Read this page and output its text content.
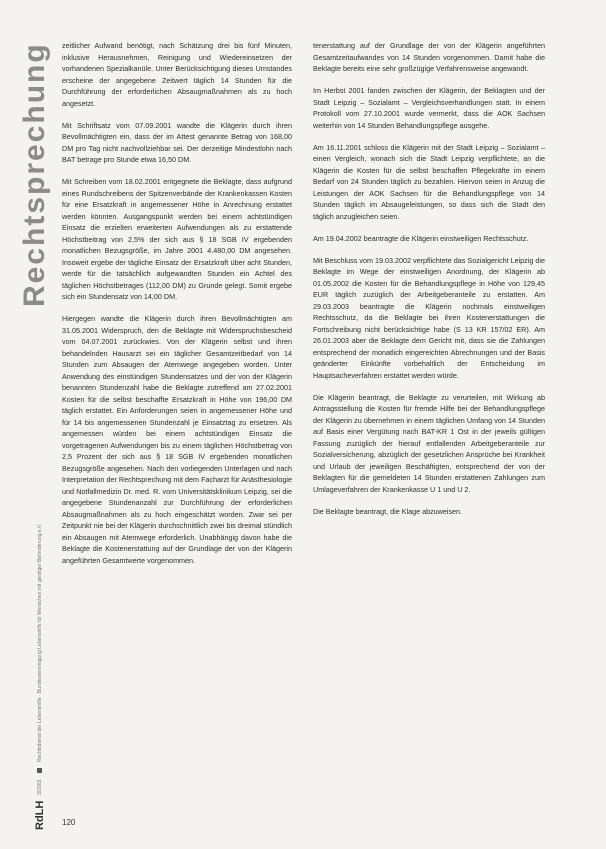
Rechtsprechung
RdLH
3/2003
Rechtsdienst der Lebenshilfe · Bundesvereinigung Lebenshilfe für Menschen mit geistiger Behinderung e.V.

zeitlicher Aufwand benötigt, nach Schätzung drei bis fünf Minuten, inklusive Herausnehmen, Reinigung und Wiedereinsetzen der vorhandenen Spezialkanüle. Unter Berücksichtigung dieses Umstandes erscheine der angegebene Zeitwert täglich 14 Stunden für die Durchführung der erforderlichen Absaugmaßnahmen als zu hoch angesetzt.

Mit Schriftsatz vom 07.09.2001 wandte die Klägerin durch ihren Bevollmächtigten ein, dass der im Attest genannte Betrag von 168,00 DM pro Tag nicht nachvollziehbar sei. Der derzeitige Mindestlohn nach BAT betrage pro Stunde etwa 16,50 DM.

Mit Schreiben vom 18.02.2001 entgegnete die Beklagte, dass aufgrund eines Rundschreibens der Spitzenverbände der Krankenkassen Kosten für eine Ersatzkraft in angemessener Höhe in Anrechnung erstattet werden könnten. Ausgangspunkt werden bei einem achtstündigen Einsatz die erzielten erweiterten Aufwendungen als zu erstattende Höchstbeitrag von 2,5% der sich aus § 18 SGB IV ergebenden monatlichen Bezugsgröße, im Jahre 2001 4.480,00 DM angesehen. Insoweit ergebe der tägliche Einsatz der Ersatzkraft über acht Stunden, werde für die tatsächlich aufgewandten Stunden ein Achtel des täglichen Höchstbetrages (112,00 DM) zu Grunde gelegt. Somit ergebe sich ein Stundensatz von 14,00 DM.

Hiergegen wandte die Klägerin durch ihren Bevollmächtigten am 31.05.2001 Widerspruch, den die Beklagte mit Widerspruchsbescheid vom 04.07.2001 zurückwies. Von der Klägerin selbst und ihren behandelnden Hausarzt sei ein täglicher Gesamtzeitbedarf von 14 Stunden zum Absaugen der Atemwege angegeben worden. Unter Anwendung des einstündigen Stundensatzes und der von der Klägerin benannten Stundenzahl habe die Beklagte zutreffend am 27.02.2001 Kosten für die selbst beschaffte Ersatzkraft in Höhe von 196,00 DM täglich erstattet. Ein Anforderungen seien in angemessener Höhe und für 14 bis angemessenen Stundenzahl je Einsatztag zu ersetzen. Als angemessen würden bei einem achtstündigen Einsatz die vorgetragenen Aufwendungen bis zu einem täglichen Höchstbetrag von 2,5 Prozent der sich aus § 18 SGB IV ergebenden monatlichen Bezugsgröße angesehen. Nach den vorliegenden Unterlagen und nach Interpretation der Rechtsprechung mit dem Facharzt für Anästhesiologie und Notfallmedizin Dr. med. R. vom Universitätsklinikum Leipzig, sei die angegebene Stundenanzahl zur Durchführung der erforderlichen Absaugmaßnahmen als zu hoch eingeschätzt worden. Zwar sei per Zeitpunkt nie bei der Klägerin durchschnittlich zwei bis dreimal stündlich ein Absaugen mit Atemwege erforderlich. Unabhängig davon habe die Beklagte die Kostenerstattung auf der Grundlage der von der Klägerin angeführten Gesamtwerte vorgenommen.

tenerstattung auf der Grundlage der von der Klägerin angeführten Gesamtzeitaufwandes von 14 Stunden vorgenommen. Damit habe die Beklagte bereits eine sehr großzügige Verfahrensweise angewandt.

Im Herbst 2001 fanden zwischen der Klägerin, der Beklagten und der Stadt Leipzig – Sozialamt – Vergleichsverhandlungen statt. In einem Protokoll vom 27.10.2001 wurde vermerkt, dass die AOK Sachsen weiterhin von 14 Stunden Behandlungspflege ausgehe.

Am 16.11.2001 schloss die Klägerin mit der Stadt Leipzig – Sozialamt – einen Vergleich, wonach sich die Stadt Leipzig verpflichtete, an die Klägerin die Kosten für die selbst beschaffen Pflegekräfte im einem Bedarf von 24 Stunden täglich zu bezahlen. Hiervon seien in Anzug die Leistungen der AOK Sachsen für die Behandlungspflege von 14 Stunden täglich im Absaugeleistungen, so dass sich die Stadt den täglich anzugleichen seien.

Am 19.04.2002 beantragte die Klägerin einstweiligen Rechtsschutz.

Mit Beschluss vom 19.03.2002 verpflichtete das Sozialgericht Leipzig die Beklagte im Wege der einstweiligen Anordnung, der Klägerin ab 01.05.2002 die Kosten für die Behandlungspflege in Höhe von 129,45 EUR täglich zuzüglich der Arbeitgeberanteile zu erstatten. Am 29.03.2003 beantragte die Klägerin nochmals einstweiligen Rechtsschutz, da die Beklagte bei ihren Kostenerstattungen die Fortschreibung nicht berücksichtige habe (S 13 KR 157/02 ER). Am 26.01.2003 aber die Beklagte dem Gericht mit, dass sie die Zahlungen entsprechend der monatlich eingereichten Abrechnungen und der Basis geänderter Einkünfte vorbehaltlich der Entscheidung im Hauptsacheverfahren erstattet werden würde.

Die Klägerin beantragt, die Beklagte zu verurteilen, mit Wirkung ab Antragsstellung die Kosten für fremde Hilfe bei der Behandlungspflege der Klägerin zu übernehmen in einem täglichen Umfang von 14 Stunden auf Basis einer Vergütung nach BAT-KR 1 Ost in der jeweils gültigen Fassung zuzüglich der hierauf entfallenden Arbeitgeberanteile zur Sozialversicherung, abzüglich der gesetzlichen Ansprüche bei Krankheit und Urlaub der jeweiligen Beschäftigten, entsprechend der von der Beklagten für die gemeldeten 14 Stunden erstattenen Zahlungen zum Umlageverfahren der Krankenkasse U 1 und U 2.

Die Beklagte beantragt, die Klage abzuweisen.

120
